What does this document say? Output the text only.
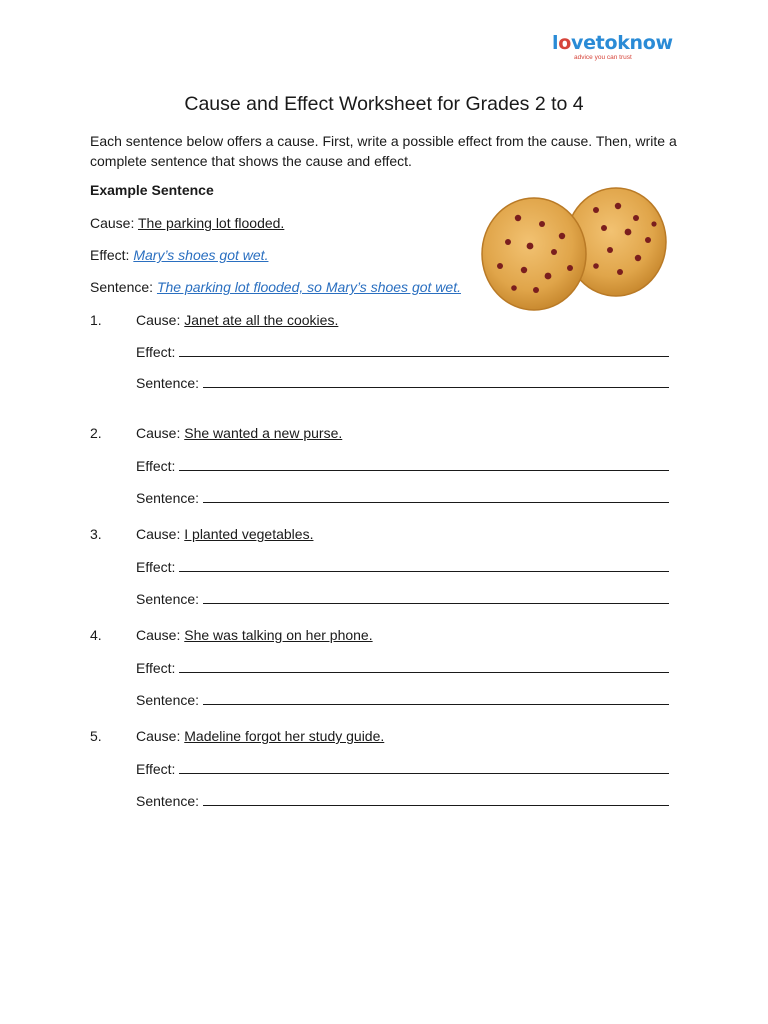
lovetoknow
advice you can trust
Cause and Effect Worksheet for Grades 2 to 4

Each sentence below offers a cause. First, write a possible effect from the cause. Then, write a complete sentence that shows the cause and effect.

Example Sentence
Cause: The parking lot flooded.
Effect: Mary’s shoes got wet.
Sentence: The parking lot flooded, so Mary’s shoes got wet.
1. Cause: Janet ate all the cookies.
Effect:
Sentence:
2. Cause: She wanted a new purse.
Effect:
Sentence:
3. Cause: I planted vegetables.
Effect:
Sentence:
4. Cause: She was talking on her phone.
Effect:
Sentence:
5. Cause: Madeline forgot her study guide.
Effect:
Sentence:
